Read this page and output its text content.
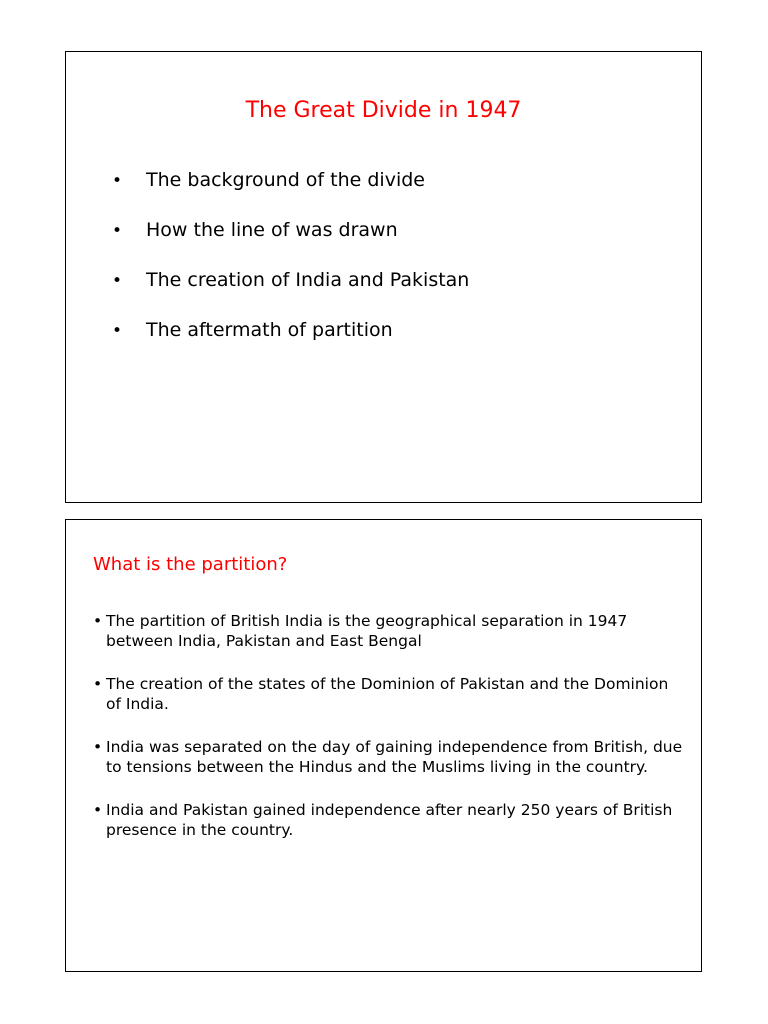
The Great Divide in 1947
•	The background of the divide
•	How the line of was drawn
•	The creation of India and Pakistan
•	The aftermath of partition
What is the partition?
• The partition of British India is the geographical separation in 1947 between India, Pakistan and East Bengal
• The creation of the states of the Dominion of Pakistan and the Dominion of India.
• India was separated on the day of gaining independence from British, due to tensions between the Hindus and the Muslims living in the country.
• India and Pakistan gained independence after nearly 250 years of British presence in the country.
